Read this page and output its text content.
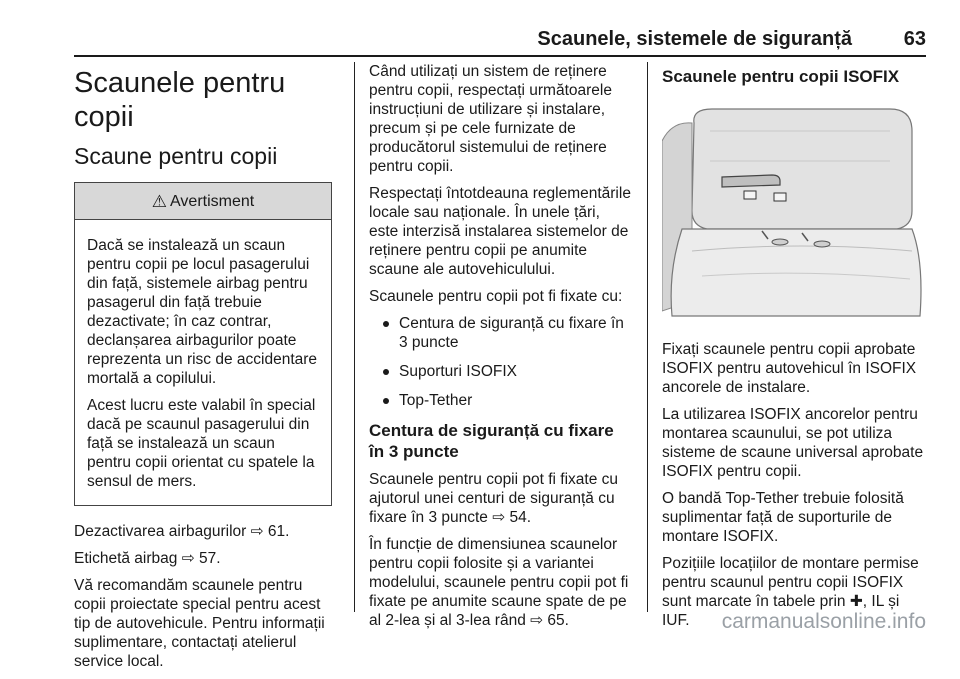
Scaunele, sistemele de siguranță	63
Scaunele pentru copii
Scaune pentru copii
⚠ Avertisment

Dacă se instalează un scaun pentru copii pe locul pasagerului din față, sistemele airbag pentru pasagerul din față trebuie dezactivate; în caz contrar, declanșarea airbagurilor poate reprezenta un risc de accidentare mortală a copilului.

Acest lucru este valabil în special dacă pe scaunul pasagerului din față se instalează un scaun pentru copii orientat cu spatele la sensul de mers.

Dezactivarea airbagurilor ⇨ 61.

Etichetă airbag ⇨ 57.

Vă recomandăm scaunele pentru copii proiectate special pentru acest tip de autovehicule. Pentru informații suplimentare, contactați atelierul service local.

Când utilizați un sistem de reținere pentru copii, respectați următoarele instrucțiuni de utilizare și instalare, precum și pe cele furnizate de producătorul sistemului de reținere pentru copii.

Respectați întotdeauna reglementările locale sau naționale. În unele țări, este interzisă instalarea sistemelor de reținere pentru copii pe anumite scaune ale autovehiculului.

Scaunele pentru copii pot fi fixate cu:

Centura de siguranță cu fixare în 3 puncte
Suporturi ISOFIX
Top-Tether
Centura de siguranță cu fixare în 3 puncte

Scaunele pentru copii pot fi fixate cu ajutorul unei centuri de siguranță cu fixare în 3 puncte ⇨ 54.

În funcție de dimensiunea scaunelor pentru copii folosite și a variantei modelului, scaunele pentru copii pot fi fixate pe anumite scaune spate de pe al 2-lea și al 3-lea rând ⇨ 65.

Scaunele pentru copii ISOFIX

Fixați scaunele pentru copii aprobate ISOFIX pentru autovehicul în ISOFIX ancorele de instalare.

La utilizarea ISOFIX ancorelor pentru montarea scaunului, se pot utiliza sisteme de scaune universal aprobate ISOFIX pentru copii.

O bandă Top-Tether trebuie folosită suplimentar față de suporturile de montare ISOFIX.

Pozițiile locațiilor de montare permise pentru scaunul pentru copii ISOFIX sunt marcate în tabele prin ✚, IL și IUF.	carmanualsonline.info
